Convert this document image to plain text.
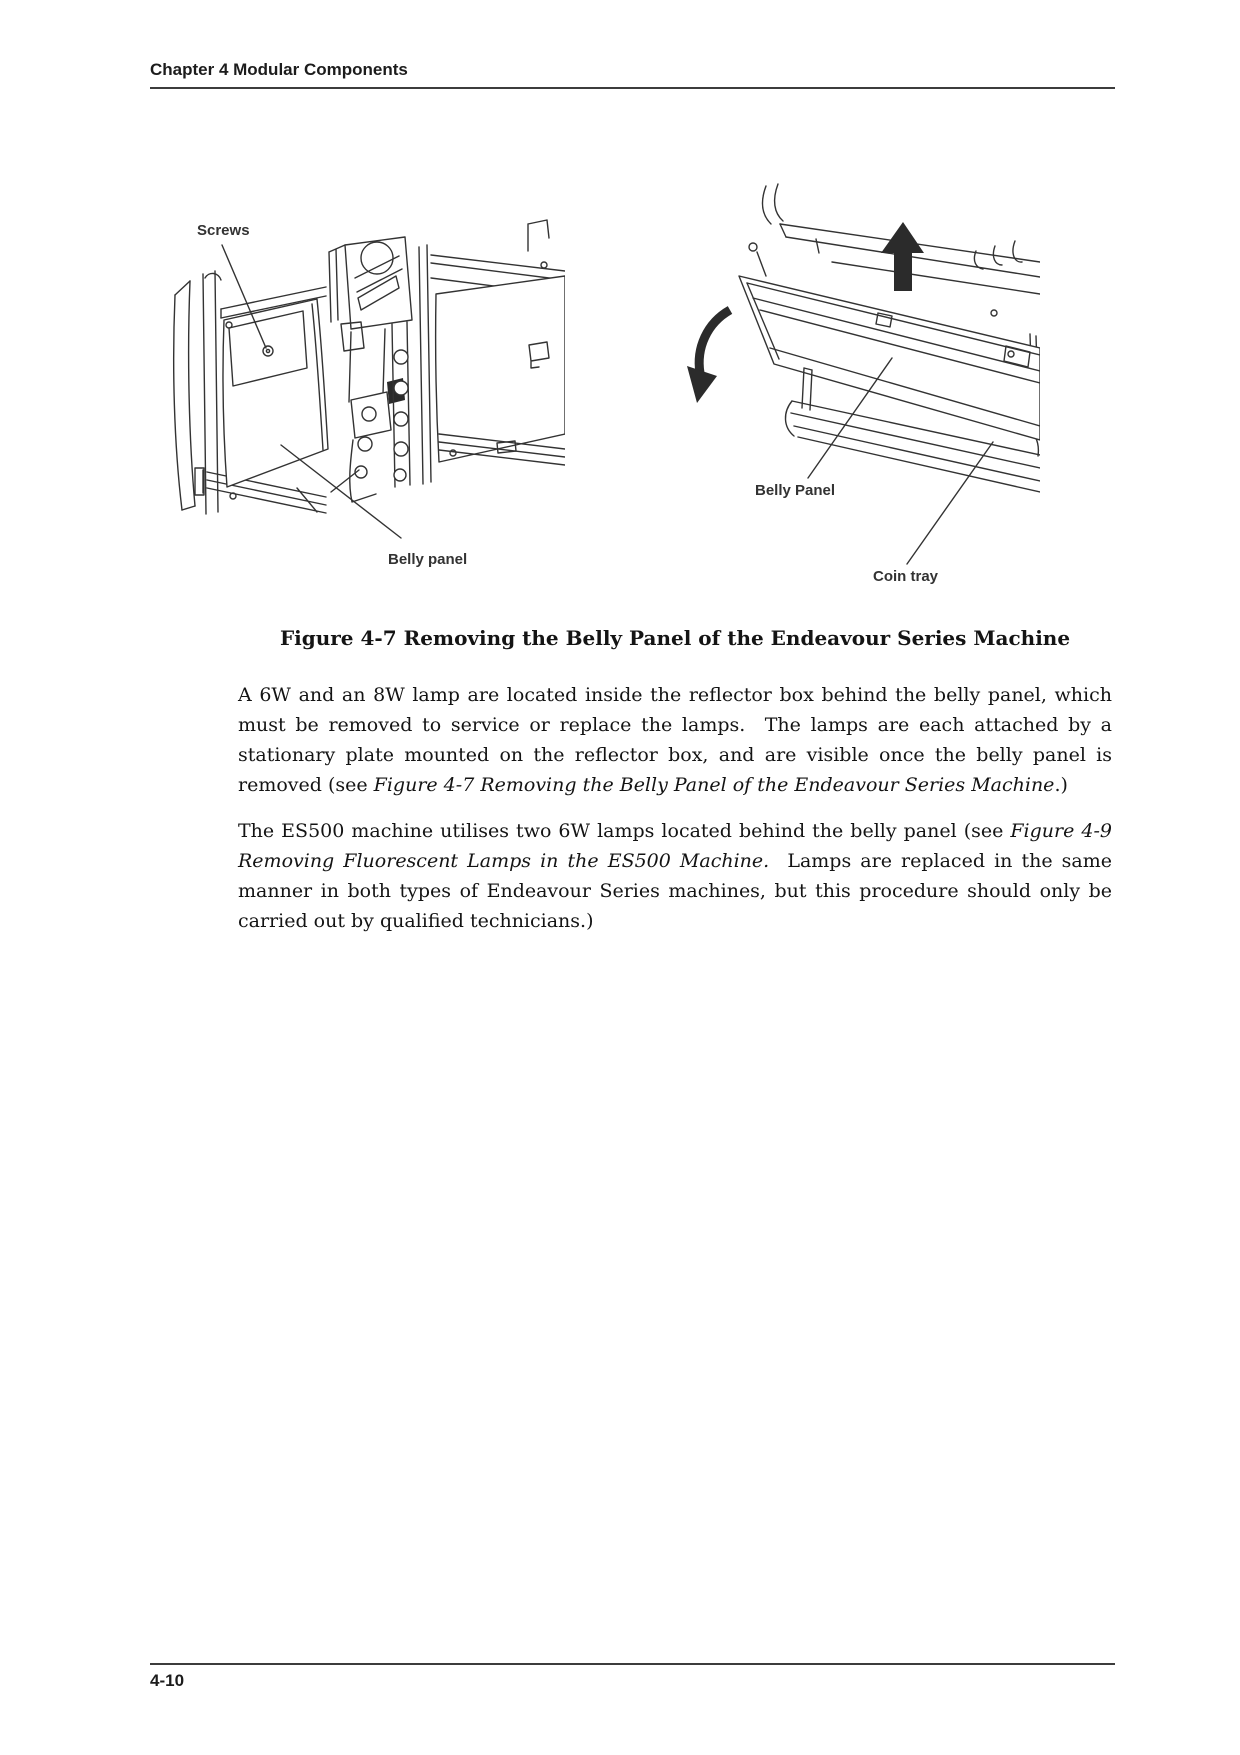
Chapter 4 Modular Components
Screws
Belly panel
Belly Panel
Coin tray
Figure 4-7 Removing the Belly Panel of the Endeavour Series Machine

A 6W and an 8W lamp are located inside the reflector box behind the belly panel, which must be removed to service or replace the lamps.  The lamps are each attached by a stationary plate mounted on the reflector box, and are visible once the belly panel is removed (see Figure 4-7 Removing the Belly Panel of the Endeavour Series Machine.)

The ES500 machine utilises two 6W lamps located behind the belly panel (see Figure 4-9 Removing Fluorescent Lamps in the ES500 Machine.  Lamps are replaced in the same manner in both types of Endeavour Series machines, but this procedure should only be carried out by qualified technicians.)

4-10
